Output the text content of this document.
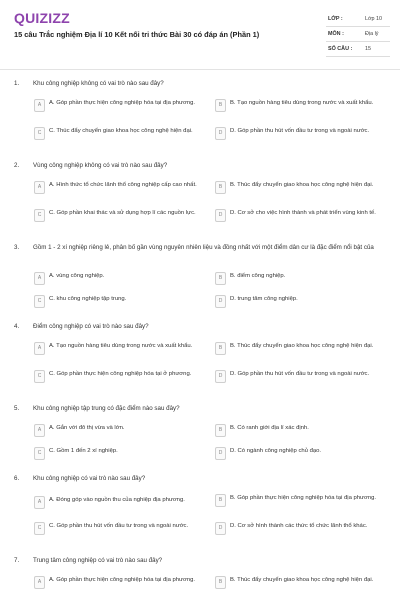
QUIZIZZ
15 câu Trắc nghiệm Địa lí 10 Kết nối tri thức Bài 30 có đáp án (Phần 1)
LỚP :	Lớp 10
MÔN :	Địa lý
SỐ CÂU : 15
1. Khu công nghiệp không có vai trò nào sau đây?
A	A. Góp phần thực hiện công nghiệp hóa tại địa phương.	B	B. Tạo nguồn hàng tiêu dùng trong nước và xuất khẩu.
C	C. Thúc đẩy chuyển giao khoa học công nghệ hiện đại.	D	D. Góp phần thu hút vốn đầu tư trong và ngoài nước.
2. Vùng công nghiệp không có vai trò nào sau đây?
A	A. Hình thức tổ chức lãnh thổ công nghiệp cấp cao nhất.	B	B. Thúc đẩy chuyển giao khoa học công nghệ hiện đại.
C	C. Góp phần khai thác và sử dụng hợp lí các nguồn lực.	D	D. Cơ sở cho việc hình thành và phát triển vùng kinh tế.
3. Gồm 1 - 2 xí nghiệp riêng lẻ, phân bố gần vùng nguyên nhiên liệu và đồng nhất với một điểm dân cư là đặc điểm nổi bật của
A	A. vùng công nghiệp.	B	B. điểm công nghiệp.
C	C. khu công nghiệp tập trung.	D	D. trung tâm công nghiệp.
4. Điểm công nghiệp có vai trò nào sau đây?
A	A. Tạo nguồn hàng tiêu dùng trong nước và xuất khẩu.	B	B. Thúc đẩy chuyển giao khoa học công nghệ hiện đại.
C	C. Góp phần thực hiện công nghiệp hóa tại ở phương.	D	D. Góp phần thu hút vốn đầu tư trong và ngoài nước.
5. Khu công nghiệp tập trung có đặc điểm nào sau đây?
A	A. Gắn với đô thị vừa và lớn.	B	B. Có ranh giới địa lí xác định.
C	C. Gồm 1 đến 2 xí nghiệp.	D	D. Có ngành công nghiệp chủ đạo.
6. Khu công nghiệp có vai trò nào sau đây?
A	A. Đóng góp vào nguồn thu của nghiệp địa phương.	B	B. Góp phần thực hiện công nghiệp hóa tại địa phương.
C	C. Góp phần thu hút vốn đầu tư trong và ngoài nước.	D	D. Cơ sở hình thành các thức tổ chức lãnh thổ khác.
7. Trung tâm công nghiệp có vai trò nào sau đây?
A	A. Góp phần thực hiện công nghiệp hóa tại địa phương.	B	B. Thúc đẩy chuyển giao khoa học công nghệ hiện đại.
